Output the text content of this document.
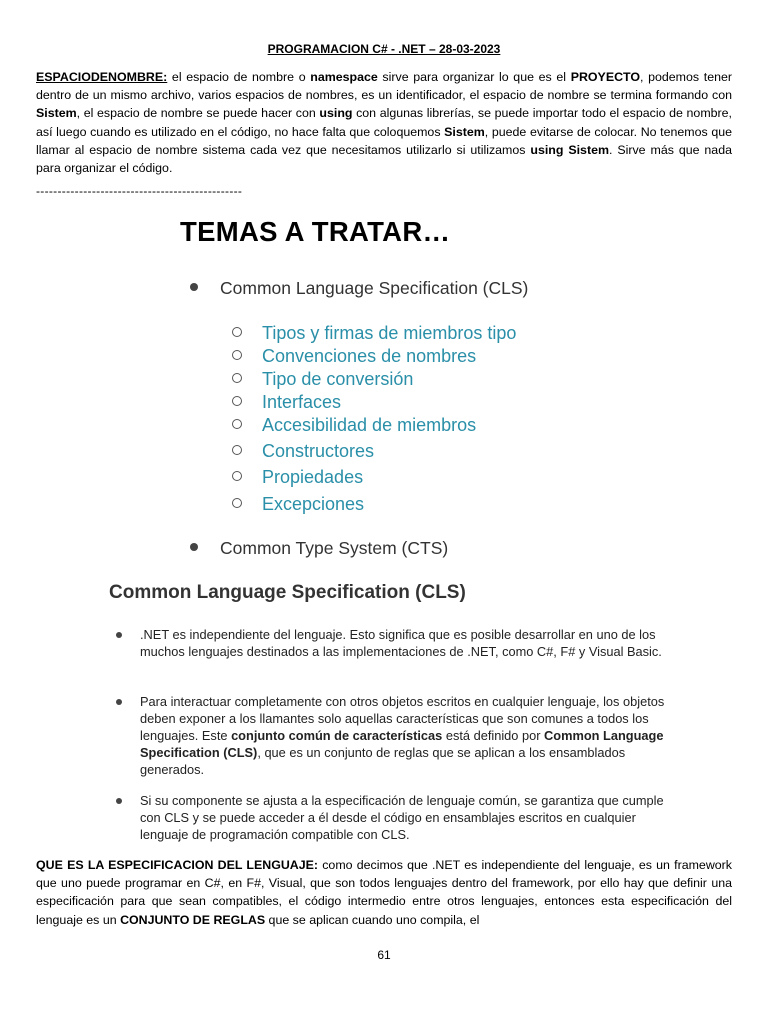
PROGRAMACION C# - .NET – 28-03-2023
ESPACIODENOMBRE: el espacio de nombre o namespace sirve para organizar lo que es el PROYECTO, podemos tener dentro de un mismo archivo, varios espacios de nombres, es un identificador, el espacio de nombre se termina formando con Sistem, el espacio de nombre se puede hacer con using con algunas librerías, se puede importar todo el espacio de nombre, así luego cuando es utilizado en el código, no hace falta que coloquemos Sistem, puede evitarse de colocar. No tenemos que llamar al espacio de nombre sistema cada vez que necesitamos utilizarlo si utilizamos using Sistem. Sirve más que nada para organizar el código.
------------------------------------------------
TEMAS A TRATAR…
Common Language Specification (CLS)
Tipos y firmas de miembros tipo
Convenciones de nombres
Tipo de conversión
Interfaces
Accesibilidad de miembros
Constructores
Propiedades
Excepciones
Common Type System (CTS)
Common Language Specification (CLS)
.NET es independiente del lenguaje. Esto significa que es posible desarrollar en uno de los muchos lenguajes destinados a las implementaciones de .NET, como C#, F# y Visual Basic.
Para interactuar completamente con otros objetos escritos en cualquier lenguaje, los objetos deben exponer a los llamantes solo aquellas características que son comunes a todos los lenguajes. Este conjunto común de características está definido por Common Language Specification (CLS), que es un conjunto de reglas que se aplican a los ensamblados generados.
Si su componente se ajusta a la especificación de lenguaje común, se garantiza que cumple con CLS y se puede acceder a él desde el código en ensamblajes escritos en cualquier lenguaje de programación compatible con CLS.
QUE ES LA ESPECIFICACION DEL LENGUAJE: como decimos que .NET es independiente del lenguaje, es un framework que uno puede programar en C#, en F#, Visual, que son todos lenguajes dentro del framework, por ello hay que definir una especificación para que sean compatibles, el código intermedio entre otros lenguajes, entonces esta especificación del lenguaje es un CONJUNTO DE REGLAS que se aplican cuando uno compila, el
61
